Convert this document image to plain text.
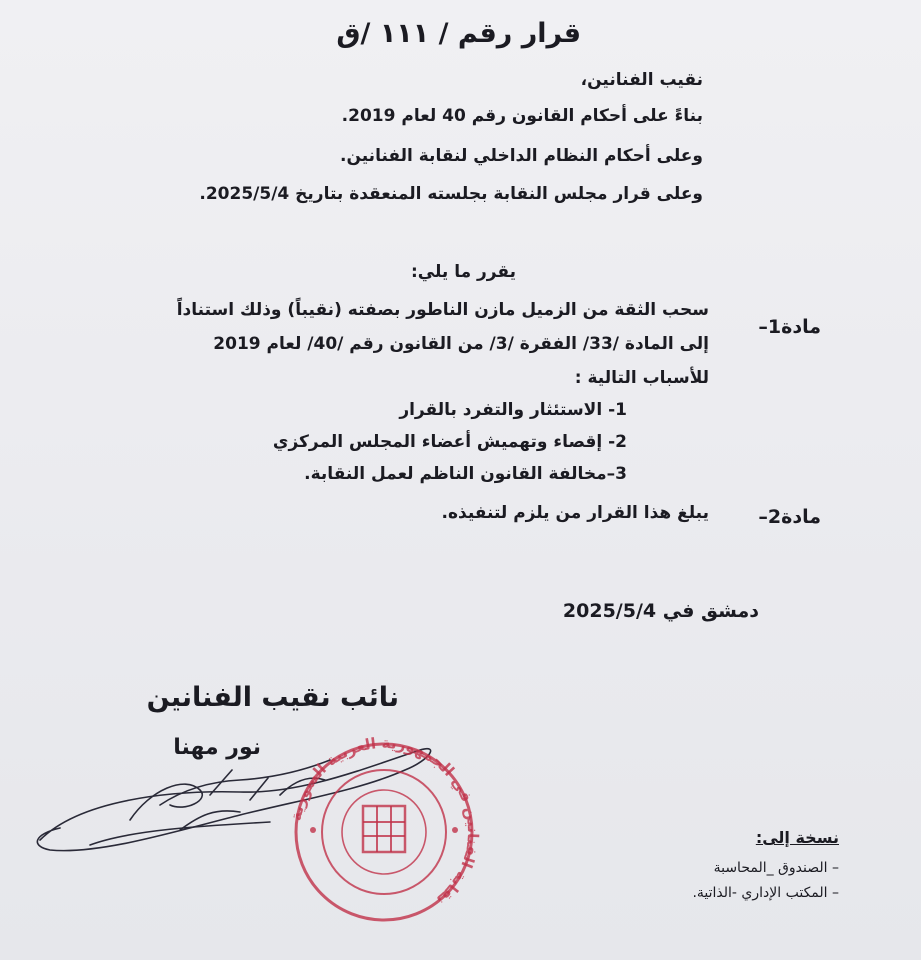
قرار رقم / ١١١ /ق
نقيب الفنانين،
بناءً على أحكام القانون رقم 40 لعام 2019.
وعلى أحكام النظام الداخلي لنقابة الفنانين.
وعلى قرار مجلس النقابة بجلسته المنعقدة بتاريخ 2025/5/4.
يقرر ما يلي:
مادة1–
سحب الثقة من الزميل مازن الناطور بصفته (نقيباً) وذلك استناداً
إلى المادة /33/ الفقرة /3/ من القانون رقم /40/ لعام 2019
للأسباب التالية :
1- الاستئثار والتفرد بالقرار
2- إقصاء وتهميش أعضاء المجلس المركزي
3–مخالفة القانون الناظم لعمل النقابة.
مادة2–
يبلغ هذا القرار من يلزم لتنفيذه.
دمشق في 2025/5/4
نائب نقيب الفنانين
نور مهنا
نسخة إلى:
– الصندوق _المحاسبة
– المكتب الإداري -الذاتية.
نقابة الفنانين في الجمهورية العربية السورية
